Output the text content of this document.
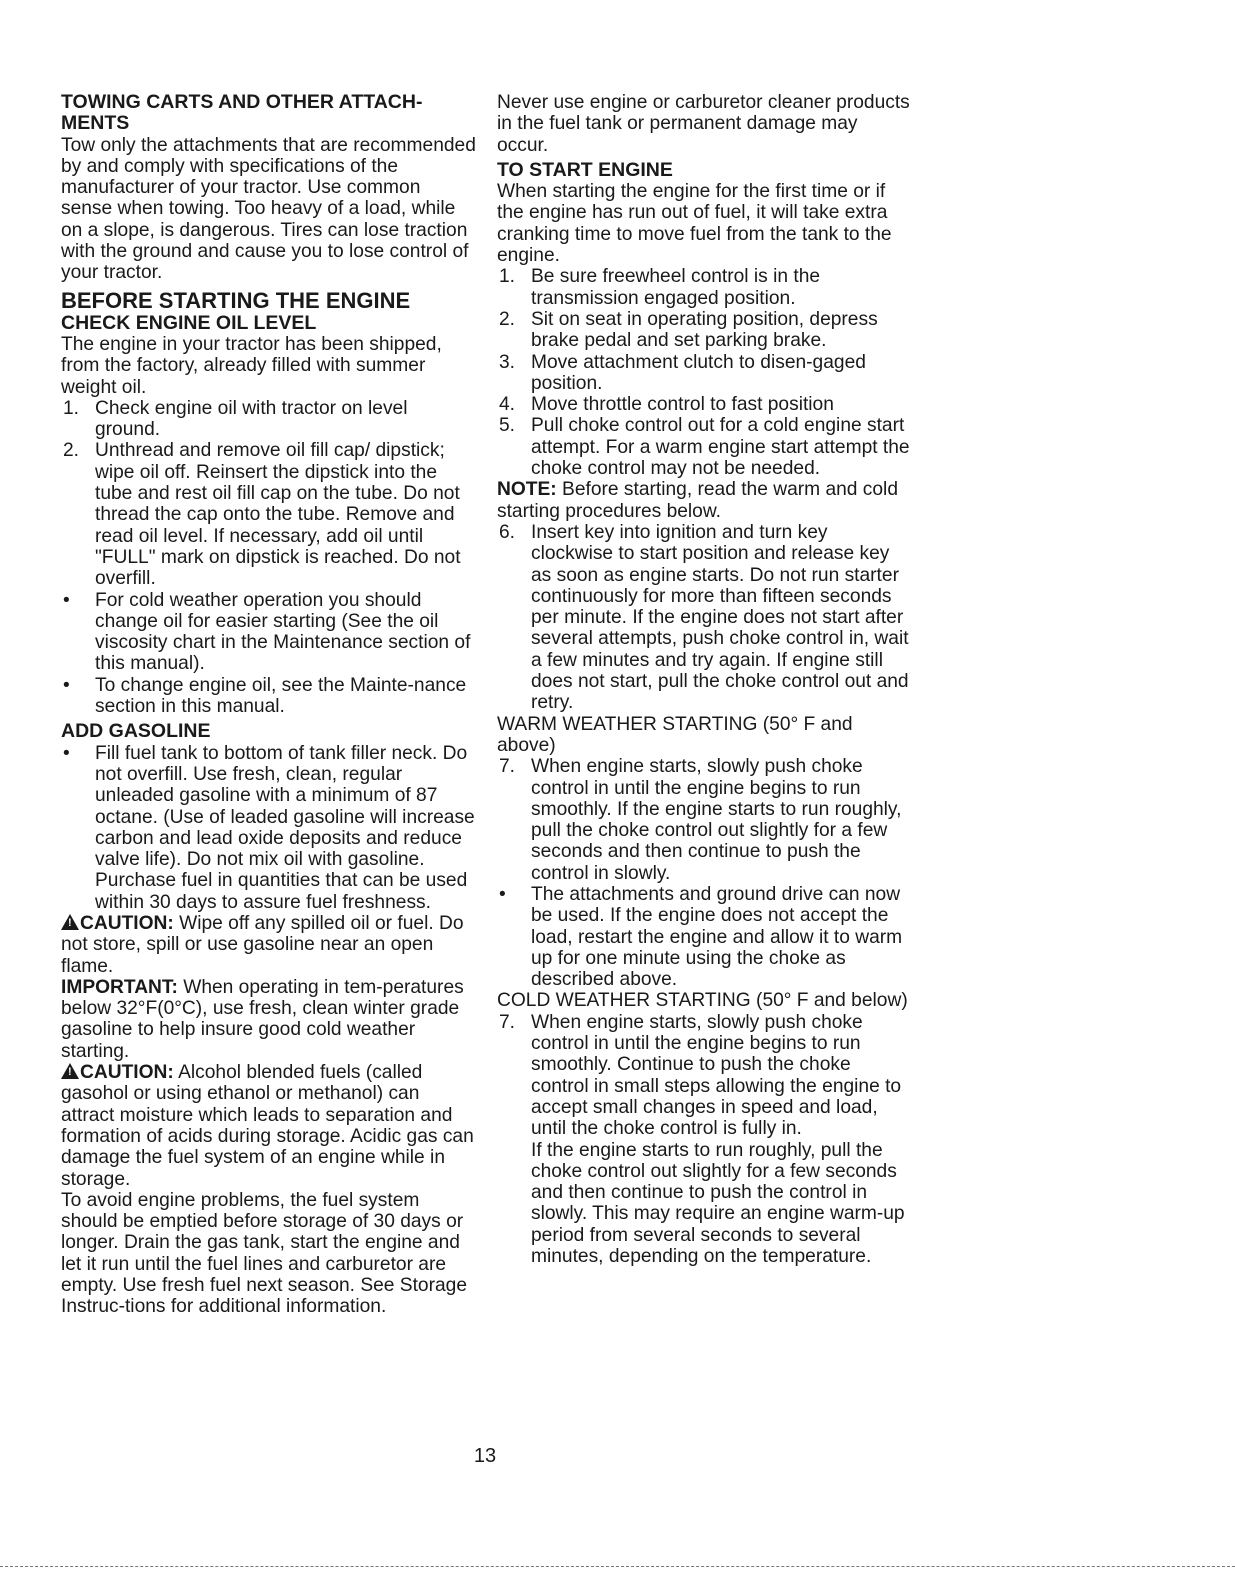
TOWING CARTS AND OTHER ATTACH-MENTS

Tow only the attachments that are recommended by and comply with specifications of the manufacturer of your tractor. Use common sense when towing. Too heavy of a load, while on a slope, is dangerous. Tires can lose traction with the ground and cause you to lose control of your tractor.

BEFORE STARTING THE ENGINE

CHECK ENGINE OIL LEVEL

The engine in your tractor has been shipped, from the factory, already filled with summer weight oil.

1. Check engine oil with tractor on level ground.
2. Unthread and remove oil fill cap/ dipstick; wipe oil off. Reinsert the dipstick into the tube and rest oil fill cap on the tube. Do not thread the cap onto the tube. Remove and read oil level. If necessary, add oil until "FULL" mark on dipstick is reached. Do not overfill.
•	For cold weather operation you should change oil for easier starting (See the oil viscosity chart in the Maintenance section of this manual).
•	To change engine oil, see the Mainte-nance section in this manual.

ADD GASOLINE

•	Fill fuel tank to bottom of tank filler neck. Do not overfill. Use fresh, clean, regular unleaded gasoline with a minimum of 87 octane. (Use of leaded gasoline will increase carbon and lead oxide deposits and reduce valve life). Do not mix oil with gasoline. Purchase fuel in quantities that can be used within 30 days to assure fuel freshness.

!CAUTION: Wipe off any spilled oil or fuel. Do not store, spill or use gasoline near an open flame.

IMPORTANT: When operating in tem-peratures below 32°F(0°C), use fresh, clean winter grade gasoline to help insure good cold weather starting.

!CAUTION: Alcohol blended fuels (called gasohol or using ethanol or methanol) can attract moisture which leads to separation and formation of acids during storage. Acidic gas can damage the fuel system of an engine while in storage.

To avoid engine problems, the fuel system should be emptied before storage of 30 days or longer. Drain the gas tank, start the engine and let it run until the fuel lines and carburetor are empty. Use fresh fuel next season. See Storage Instruc-tions for additional information.

Never use engine or carburetor cleaner products in the fuel tank or permanent damage may occur.

TO START ENGINE

When starting the engine for the first time or if the engine has run out of fuel, it will take extra cranking time to move fuel from the tank to the engine.

1. Be sure freewheel control is in the transmission engaged position.
2. Sit on seat in operating position, depress brake pedal and set parking brake.
3. Move attachment clutch to disen-gaged position.
4. Move throttle control to fast position
5. Pull choke control out for a cold engine start attempt. For a warm engine start attempt the choke control may not be needed.

NOTE: Before starting, read the warm and cold starting procedures below.

6. Insert key into ignition and turn key clockwise to start position and release key as soon as engine starts. Do not run starter continuously for more than fifteen seconds per minute. If the engine does not start after several attempts, push choke control in, wait a few minutes and try again. If engine still does not start, pull the choke control out and retry.

WARM WEATHER STARTING (50° F and above)

7. When engine starts, slowly push choke control in until the engine begins to run smoothly. If the engine starts to run roughly, pull the choke control out slightly for a few seconds and then continue to push the control in slowly.
•	The attachments and ground drive can now be used. If the engine does not accept the load, restart the engine and allow it to warm up for one minute using the choke as described above.

COLD WEATHER STARTING (50° F and below)

7. When engine starts, slowly push choke control in until the engine begins to run smoothly. Continue to push the choke control in small steps allowing the engine to accept small changes in speed and load, until the choke control is fully in.
If the engine starts to run roughly, pull the choke control out slightly for a few seconds and then continue to push the control in slowly. This may require an engine warm-up period from several seconds to several minutes, depending on the temperature.
13
